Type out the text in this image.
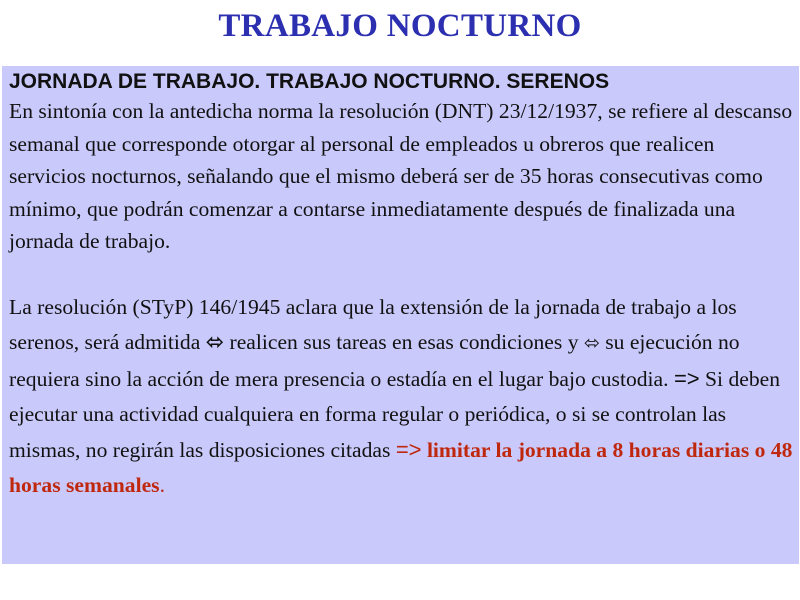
TRABAJO NOCTURNO
JORNADA DE TRABAJO. TRABAJO NOCTURNO. SERENOS

En sintonía con la antedicha norma la resolución (DNT) 23/12/1937, se refiere al descanso semanal que corresponde otorgar al personal de empleados u obreros que realicen servicios nocturnos, señalando que el mismo deberá ser de 35 horas consecutivas como mínimo, que podrán comenzar a contarse inmediatamente después de finalizada una jornada de trabajo.

La resolución (STyP) 146/1945 aclara que la extensión de la jornada de trabajo a los serenos, será admitida ⬄ realicen sus tareas en esas condiciones y ⬄ su ejecución no requiera sino la acción de mera presencia o estadía en el lugar bajo custodia. => Si deben ejecutar una actividad cualquiera en forma regular o periódica, o si se controlan las mismas, no regirán las disposiciones citadas => limitar la jornada a 8 horas diarias o 48 horas semanales.
